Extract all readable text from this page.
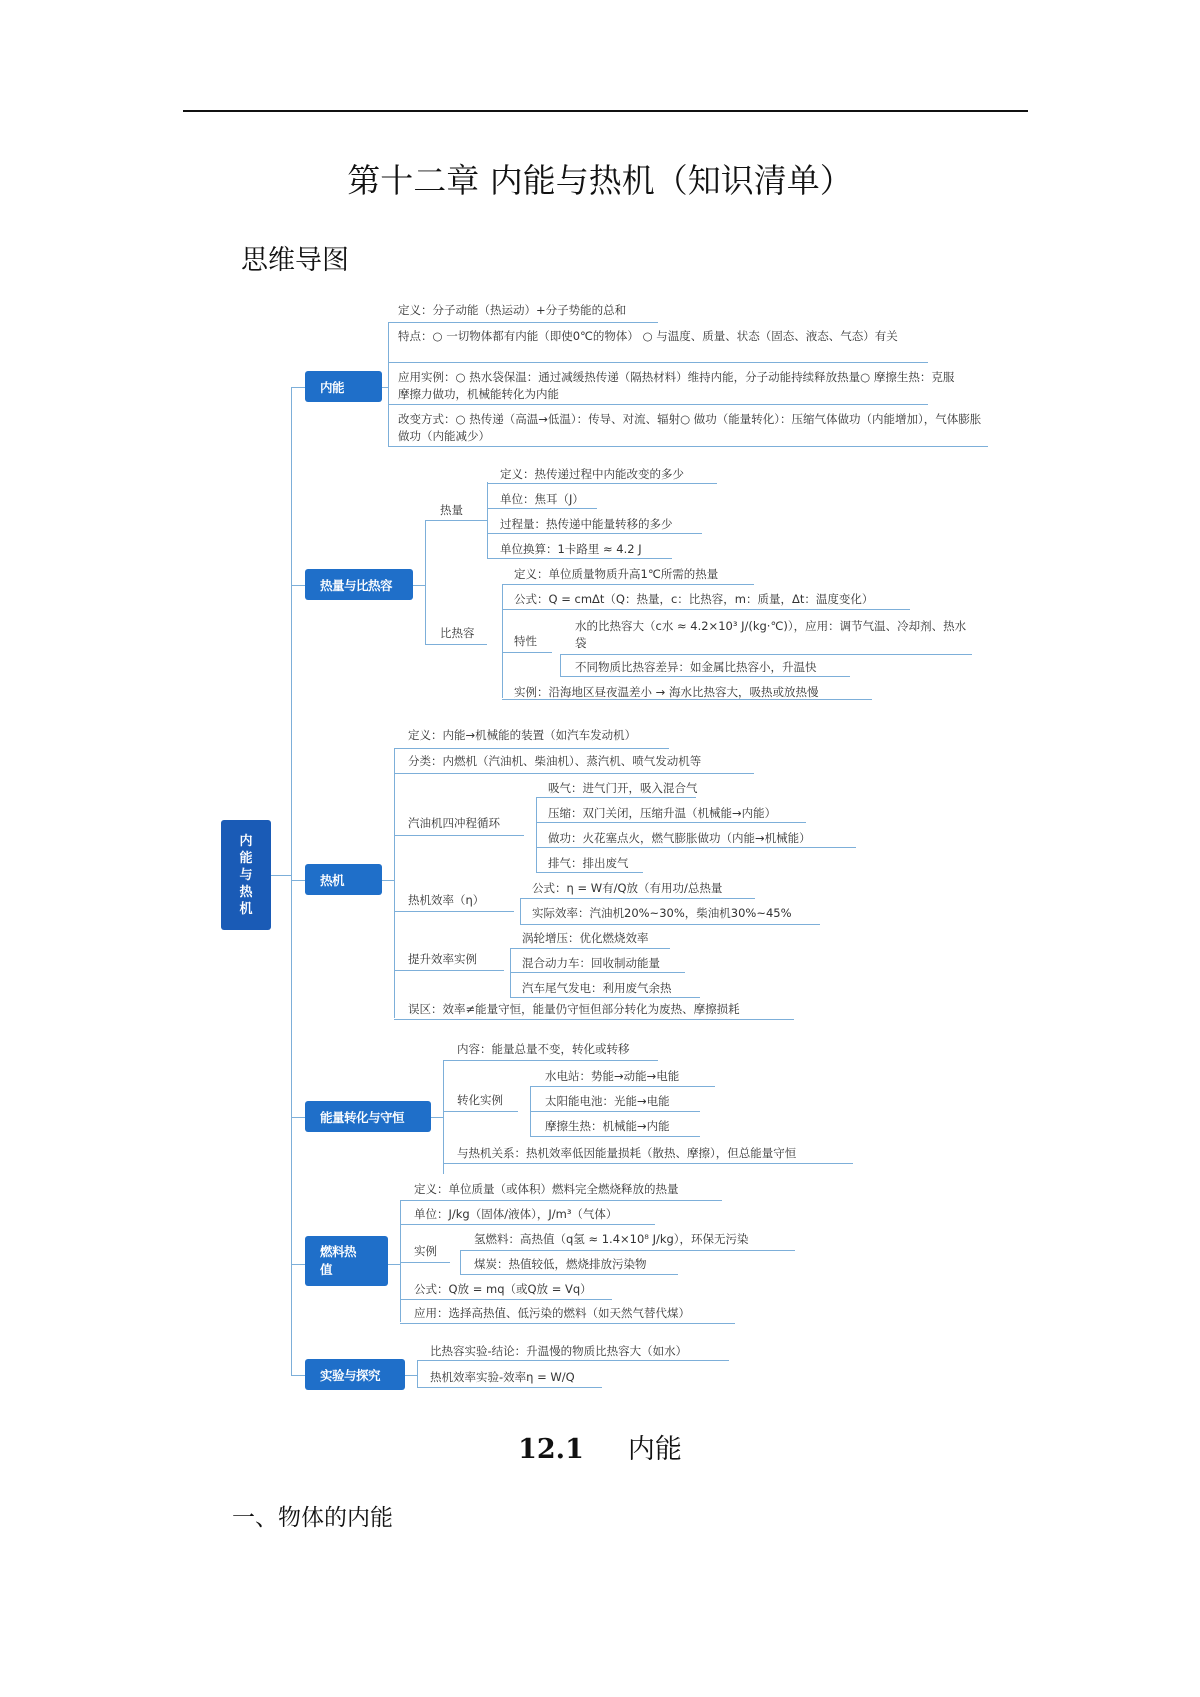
第十二章 内能与热机（知识清单）
思维导图
内能与热机
内能
定义：分子动能（热运动）+分子势能的总和
特点：○ 一切物体都有内能（即使0℃的物体） ○ 与温度、质量、状态（固态、液态、气态）有关
应用实例：○ 热水袋保温：通过减缓热传递（隔热材料）维持内能，分子动能持续释放热量○ 摩擦生热：克服摩擦力做功，机械能转化为内能
改变方式：○ 热传递（高温→低温）：传导、对流、辐射○ 做功（能量转化）：压缩气体做功（内能增加），气体膨胀做功（内能减少）
热量与比热容
热量
比热容
定义：热传递过程中内能改变的多少
单位：焦耳（J）
过程量：热传递中能量转移的多少
单位换算：1卡路里 ≈ 4.2 J
定义：单位质量物质升高1℃所需的热量
公式：Q = cmΔt（Q：热量，c：比热容，m：质量，Δt：温度变化）
特性
水的比热容大（c水 ≈ 4.2×10³ J/(kg·℃)），应用：调节气温、冷却剂、热水袋
不同物质比热容差异：如金属比热容小，升温快
实例：沿海地区昼夜温差小 → 海水比热容大，吸热或放热慢
热机
定义：内能→机械能的装置（如汽车发动机）
分类：内燃机（汽油机、柴油机）、蒸汽机、喷气发动机等
汽油机四冲程循环
吸气：进气门开，吸入混合气
压缩：双门关闭，压缩升温（机械能→内能）
做功：火花塞点火，燃气膨胀做功（内能→机械能）
排气：排出废气
热机效率（η）
公式：η = W有/Q放（有用功/总热量
实际效率：汽油机20%~30%，柴油机30%~45%
提升效率实例
涡轮增压：优化燃烧效率
混合动力车：回收制动能量
汽车尾气发电：利用废气余热
误区：效率≠能量守恒，能量仍守恒但部分转化为废热、摩擦损耗
能量转化与守恒
内容：能量总量不变，转化或转移
转化实例
水电站：势能→动能→电能
太阳能电池：光能→电能
摩擦生热：机械能→内能
与热机关系：热机效率低因能量损耗（散热、摩擦），但总能量守恒
燃料热值
定义：单位质量（或体积）燃料完全燃烧释放的热量
单位：J/kg（固体/液体），J/m³（气体）
实例
氢燃料：高热值（q氢 ≈ 1.4×10⁸ J/kg），环保无污染
煤炭：热值较低，燃烧排放污染物
公式：Q放 = mq（或Q放 = Vq）
应用：选择高热值、低污染的燃料（如天然气替代煤）
实验与探究
比热容实验-结论：升温慢的物质比热容大（如水）
热机效率实验-效率η = W/Q
12.1 内能
一、物体的内能
